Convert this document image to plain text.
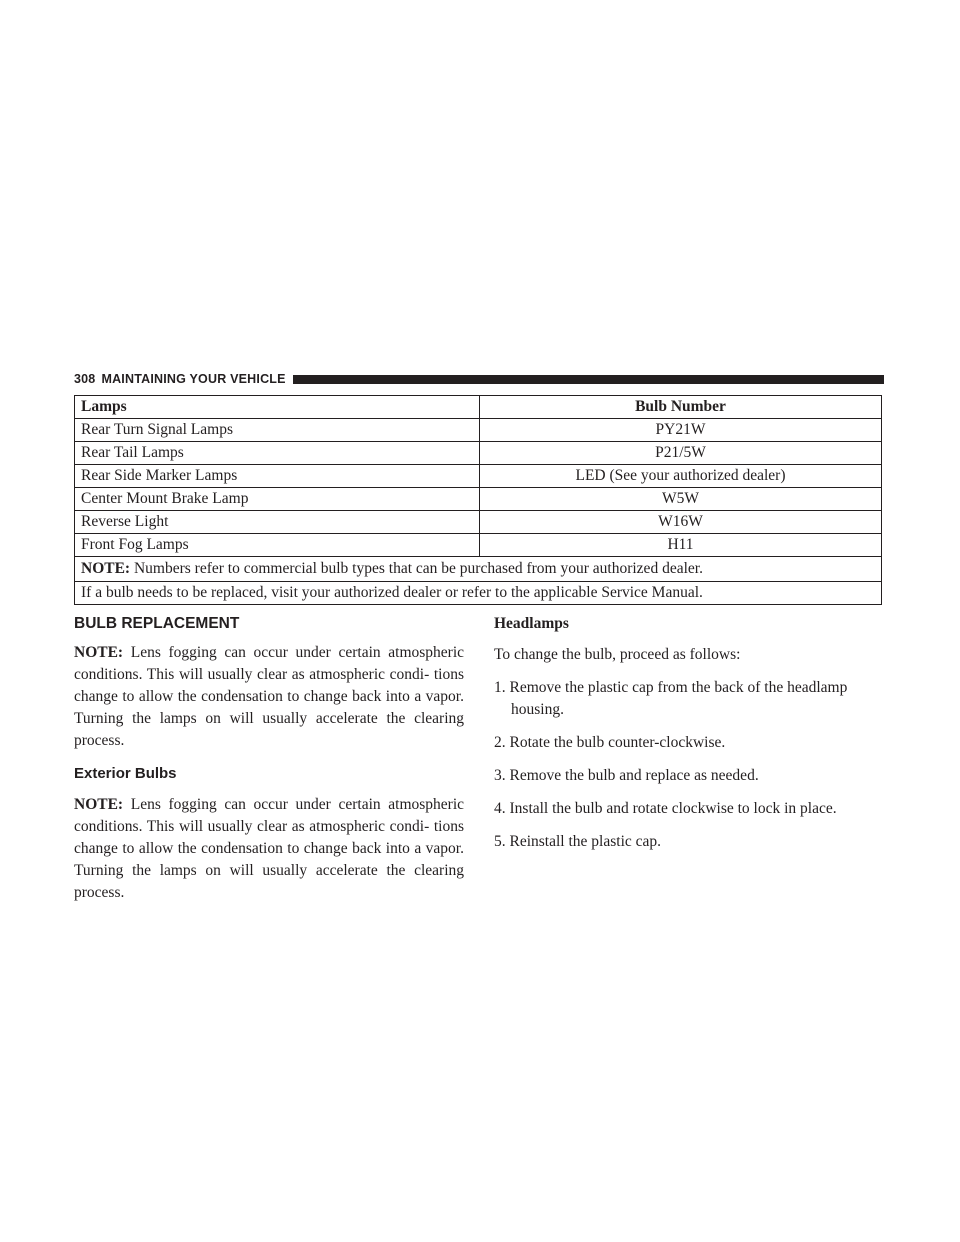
308 MAINTAINING YOUR VEHICLE
Lamps	Bulb Number
Rear Turn Signal Lamps	PY21W
Rear Tail Lamps	P21/5W
Rear Side Marker Lamps	LED (See your authorized dealer)
Center Mount Brake Lamp	W5W
Reverse Light	W16W
Front Fog Lamps	H11
NOTE: Numbers refer to commercial bulb types that can be purchased from your authorized dealer.	
If a bulb needs to be replaced, visit your authorized dealer or refer to the applicable Service Manual.	
BULB REPLACEMENT

NOTE: Lens fogging can occur under certain atmospheric conditions. This will usually clear as atmospheric condi- tions change to allow the condensation to change back into a vapor. Turning the lamps on will usually accelerate the clearing process.

Exterior Bulbs

NOTE: Lens fogging can occur under certain atmospheric conditions. This will usually clear as atmospheric condi- tions change to allow the condensation to change back into a vapor. Turning the lamps on will usually accelerate the clearing process.

Headlamps

To change the bulb, proceed as follows:

1. Remove the plastic cap from the back of the headlamp housing.
2. Rotate the bulb counter-clockwise.
3. Remove the bulb and replace as needed.
4. Install the bulb and rotate clockwise to lock in place.
5. Reinstall the plastic cap.
